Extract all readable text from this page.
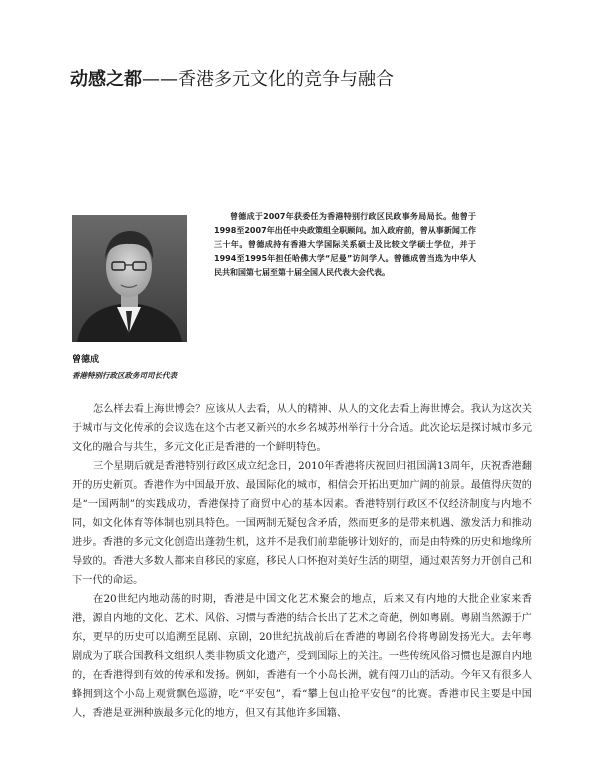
动感之都——香港多元文化的竞争与融合
曾德成于2007年获委任为香港特别行政区民政事务局局长。他曾于1998至2007年出任中央政策组全职顾问。加入政府前，曾从事新闻工作三十年。曾德成持有香港大学国际关系硕士及比较文学硕士学位，并于1994至1995年担任哈佛大学“尼曼”访问学人。曾德成曾当选为中华人民共和国第七届至第十届全国人民代表大会代表。
曾德成
香港特别行政区政务司司长代表

怎么样去看上海世博会？应该从人去看，从人的精神、从人的文化去看上海世博会。我认为这次关于城市与文化传承的会议选在这个古老又新兴的水乡名城苏州举行十分合适。此次论坛是探讨城市多元文化的融合与共生，多元文化正是香港的一个鲜明特色。

三个星期后就是香港特别行政区成立纪念日，2010年香港将庆祝回归祖国满13周年，庆祝香港翻开的历史新页。香港作为中国最开放、最国际化的城市，相信会开拓出更加广阔的前景。最值得庆贺的是“一国两制”的实践成功，香港保持了商贸中心的基本因素。香港特别行政区不仅经济制度与内地不同，如文化体育等体制也别具特色。一国两制无疑包含矛盾，然而更多的是带来机遇、激发活力和推动进步。香港的多元文化创造出蓬勃生机，这并不是我们前辈能够计划好的，而是由特殊的历史和地缘所导致的。香港大多数人都来自移民的家庭，移民人口怀抱对美好生活的期望，通过艰苦努力开创自己和下一代的命运。

在20世纪内地动荡的时期，香港是中国文化艺术聚会的地点，后来又有内地的大批企业家来香港，源自内地的文化、艺术、风俗、习惯与香港的结合长出了艺术之奇葩，例如粤剧。粤剧当然源于广东，更早的历史可以追溯至昆剧、京剧，20世纪抗战前后在香港的粤剧名伶将粤剧发扬光大。去年粤剧成为了联合国教科文组织人类非物质文化遗产，受到国际上的关注。一些传统风俗习惯也是源自内地的，在香港得到有效的传承和发扬。例如，香港有一个小岛长洲，就有闯刀山的活动。今年又有很多人蜂拥到这个小岛上观赏飘色巡游，吃“平安包”，看“攀上包山抢平安包”的比赛。香港市民主要是中国人，香港是亚洲种族最多元化的地方，但又有其他许多国籍、
